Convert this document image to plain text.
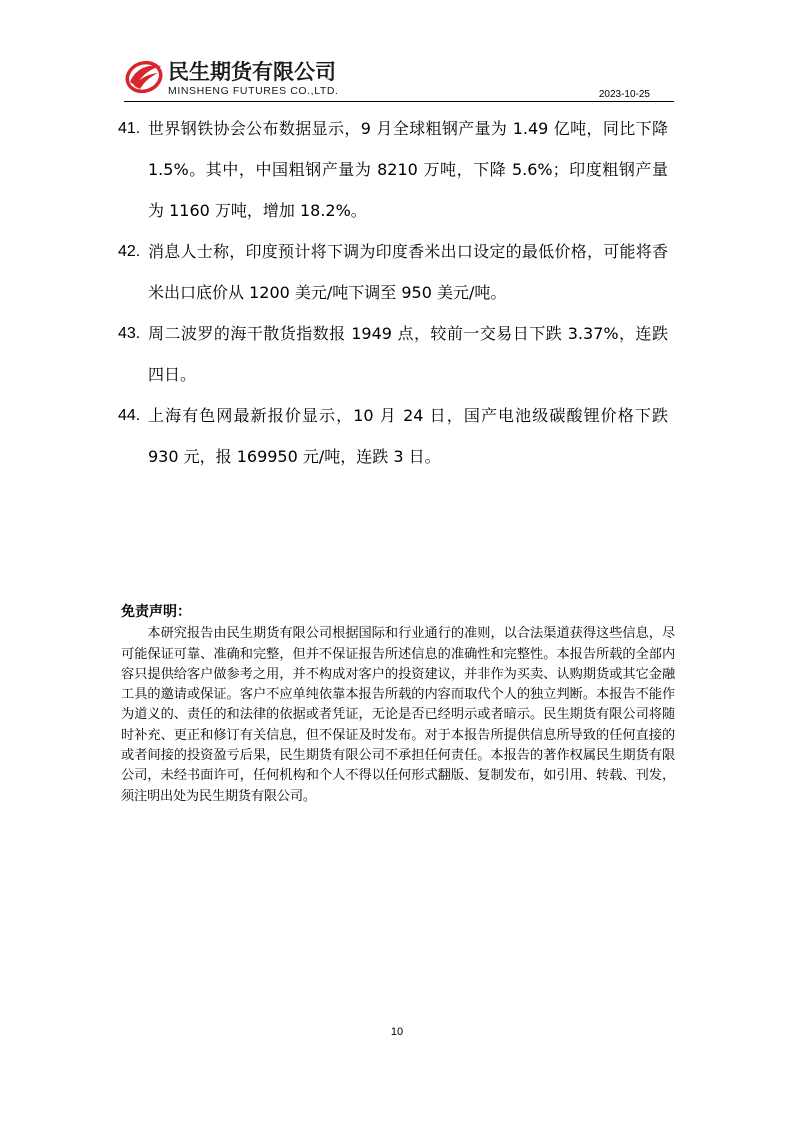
民生期货有限公司
MINSHENG FUTURES CO.,LTD.	2023-10-25
41. 世界钢铁协会公布数据显示，9 月全球粗钢产量为 1.49 亿吨，同比下降 1.5%。其中，中国粗钢产量为 8210 万吨，下降 5.6%；印度粗钢产量为 1160 万吨，增加 18.2%。
42. 消息人士称，印度预计将下调为印度香米出口设定的最低价格，可能将香米出口底价从 1200 美元/吨下调至 950 美元/吨。
43. 周二波罗的海干散货指数报 1949 点，较前一交易日下跌 3.37%，连跌四日。
44. 上海有色网最新报价显示，10 月 24 日，国产电池级碳酸锂价格下跌 930 元，报 169950 元/吨，连跌 3 日。
免责声明：
本研究报告由民生期货有限公司根据国际和行业通行的准则，以合法渠道获得这些信息，尽可能保证可靠、准确和完整，但并不保证报告所述信息的准确性和完整性。本报告所载的全部内容只提供给客户做参考之用，并不构成对客户的投资建议，并非作为买卖、认购期货或其它金融工具的邀请或保证。客户不应单纯依靠本报告所载的内容而取代个人的独立判断。本报告不能作为道义的、责任的和法律的依据或者凭证，无论是否已经明示或者暗示。民生期货有限公司将随时补充、更正和修订有关信息，但不保证及时发布。对于本报告所提供信息所导致的任何直接的或者间接的投资盈亏后果，民生期货有限公司不承担任何责任。本报告的著作权属民生期货有限公司，未经书面许可，任何机构和个人不得以任何形式翻版、复制发布，如引用、转载、刊发，须注明出处为民生期货有限公司。
10
